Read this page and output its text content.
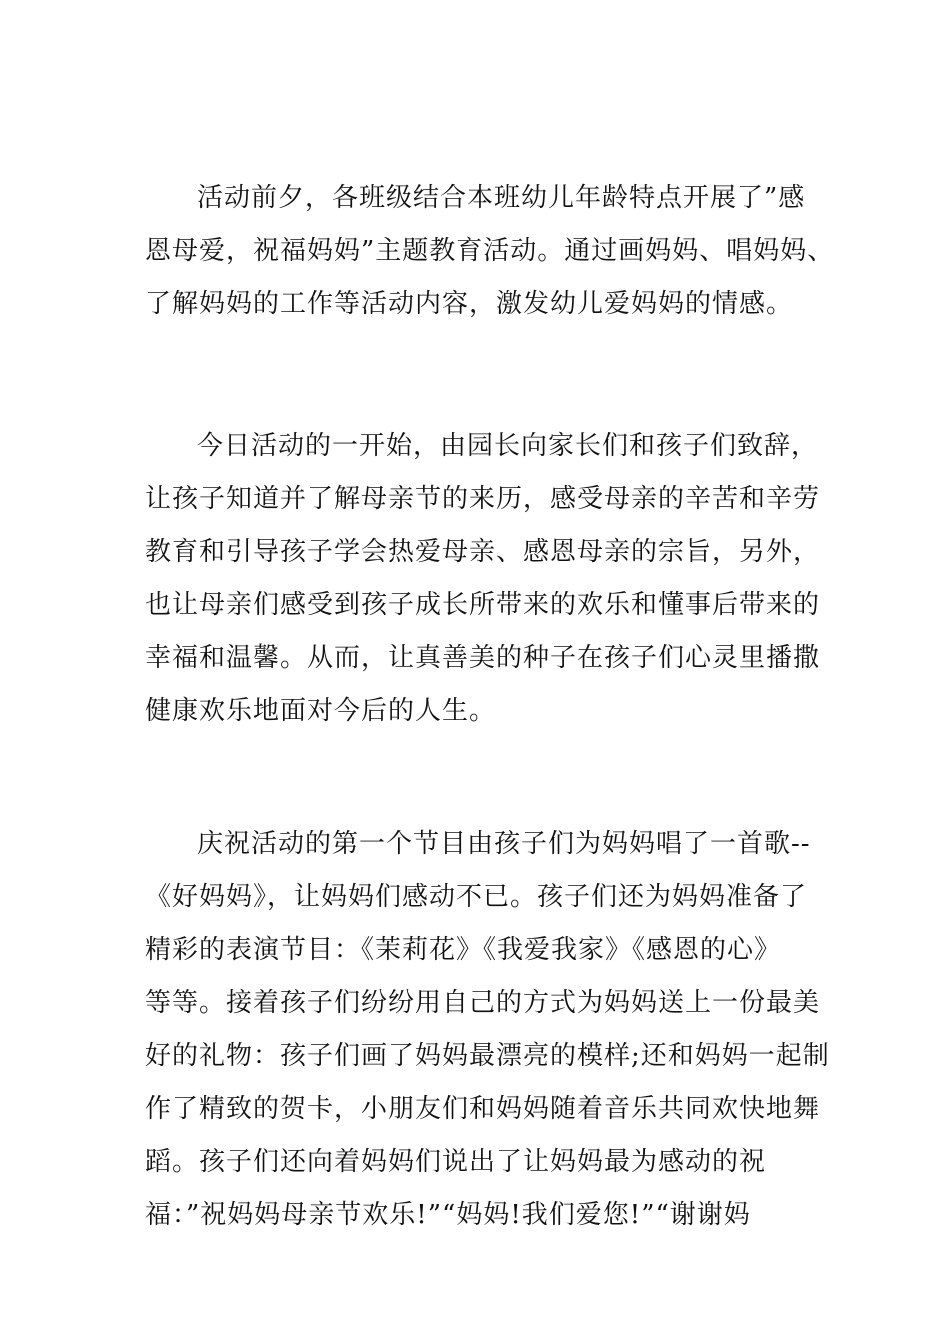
活动前夕，各班级结合本班幼儿年龄特点开展了”感
恩母爱，祝福妈妈”主题教育活动。通过画妈妈、唱妈妈、
了解妈妈的工作等活动内容，激发幼儿爱妈妈的情感。
今日活动的一开始，由园长向家长们和孩子们致辞，
让孩子知道并了解母亲节的来历，感受母亲的辛苦和辛劳
教育和引导孩子学会热爱母亲、感恩母亲的宗旨，另外，
也让母亲们感受到孩子成长所带来的欢乐和懂事后带来的
幸福和温馨。从而，让真善美的种子在孩子们心灵里播撒
健康欢乐地面对今后的人生。
庆祝活动的第一个节目由孩子们为妈妈唱了一首歌--
《好妈妈》，让妈妈们感动不已。孩子们还为妈妈准备了
精彩的表演节目：《茉莉花》《我爱我家》《感恩的心》
等等。接着孩子们纷纷用自己的方式为妈妈送上一份最美
好的礼物：孩子们画了妈妈最漂亮的模样;还和妈妈一起制
作了精致的贺卡，小朋友们和妈妈随着音乐共同欢快地舞
蹈。孩子们还向着妈妈们说出了让妈妈最为感动的祝
福：”祝妈妈母亲节欢乐!”“妈妈!我们爱您!”“谢谢妈
